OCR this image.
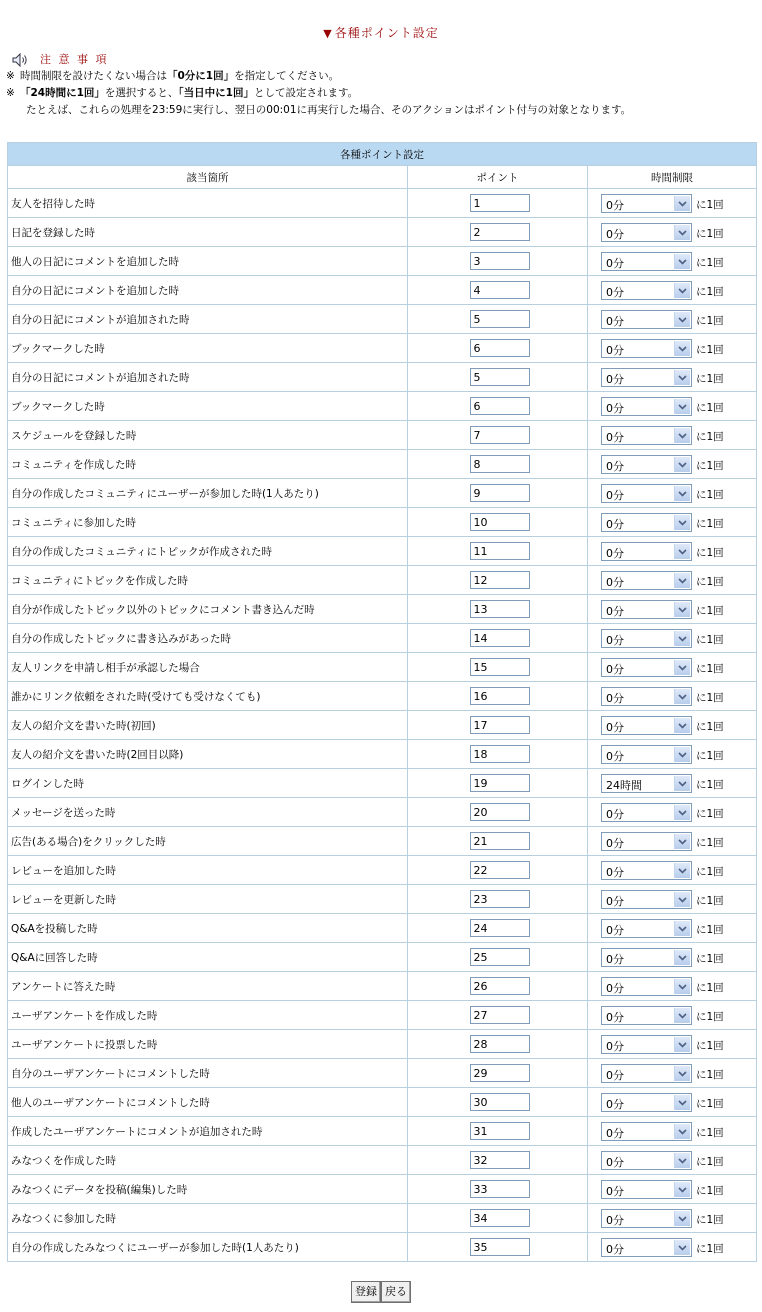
▼ 各種ポイント設定
注 意 事 項
※ 時間制限を設けたくない場合は「0分に1回」を指定してください。
※ 「24時間に1回」を選択すると、「当日中に1回」として設定されます。
たとえば、これらの処理を23:59に実行し、翌日の00:01に再実行した場合、そのアクションはポイント付与の対象となります。
各種ポイント設定		
該当箇所	ポイント	時間制限
友人を招待した時	1	0分 に1回
日記を登録した時	2	0分 に1回
他人の日記にコメントを追加した時	3	0分 に1回
自分の日記にコメントを追加した時	4	0分 に1回
自分の日記にコメントが追加された時	5	0分 に1回
ブックマークした時	6	0分 に1回
自分の日記にコメントが追加された時	5	0分 に1回
ブックマークした時	6	0分 に1回
スケジュールを登録した時	7	0分 に1回
コミュニティを作成した時	8	0分 に1回
自分の作成したコミュニティにユーザーが参加した時(1人あたり)	9	0分 に1回
コミュニティに参加した時	10	0分 に1回
自分の作成したコミュニティにトピックが作成された時	11	0分 に1回
コミュニティにトピックを作成した時	12	0分 に1回
自分が作成したトピック以外のトピックにコメント書き込んだ時	13	0分 に1回
自分の作成したトピックに書き込みがあった時	14	0分 に1回
友人リンクを申請し相手が承認した場合	15	0分 に1回
誰かにリンク依頼をされた時(受けても受けなくても)	16	0分 に1回
友人の紹介文を書いた時(初回)	17	0分 に1回
友人の紹介文を書いた時(2回目以降)	18	0分 に1回
ログインした時	19	24時間 に1回
メッセージを送った時	20	0分 に1回
広告(ある場合)をクリックした時	21	0分 に1回
レビューを追加した時	22	0分 に1回
レビューを更新した時	23	0分 に1回
Q&Aを投稿した時	24	0分 に1回
Q&Aに回答した時	25	0分 に1回
アンケートに答えた時	26	0分 に1回
ユーザアンケートを作成した時	27	0分 に1回
ユーザアンケートに投票した時	28	0分 に1回
自分のユーザアンケートにコメントした時	29	0分 に1回
他人のユーザアンケートにコメントした時	30	0分 に1回
作成したユーザアンケートにコメントが追加された時	31	0分 に1回
みなつくを作成した時	32	0分 に1回
みなつくにデータを投稿(編集)した時	33	0分 に1回
みなつくに参加した時	34	0分 に1回
自分の作成したみなつくにユーザーが参加した時(1人あたり)	35	0分 に1回
登録 戻る
